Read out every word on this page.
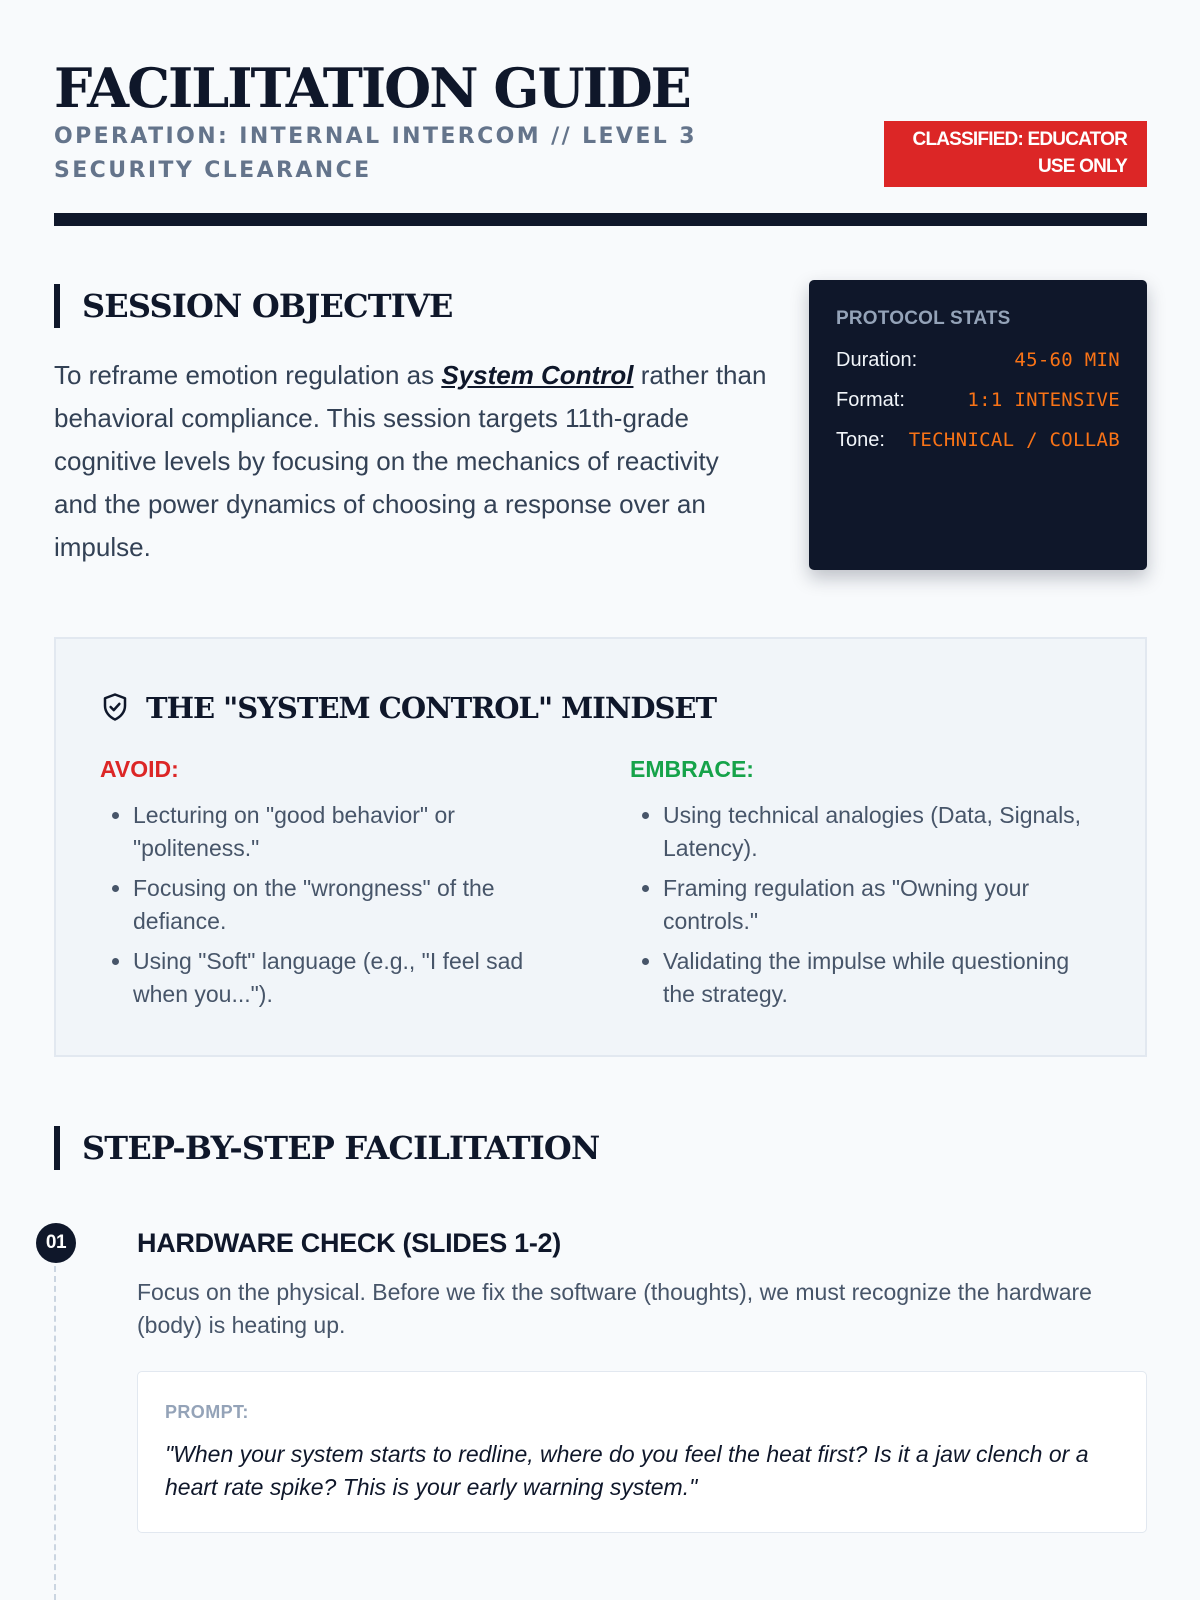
FACILITATION GUIDE
OPERATION: INTERNAL INTERCOM // LEVEL 3 SECURITY CLEARANCE
CLASSIFIED: EDUCATOR USE ONLY
SESSION OBJECTIVE

To reframe emotion regulation as System Control rather than behavioral compliance. This session targets 11th-grade cognitive levels by focusing on the mechanics of reactivity and the power dynamics of choosing a response over an impulse.

PROTOCOL STATS
Duration:	45-60 MIN
Format:	1:1 INTENSIVE
Tone: TECHNICAL / COLLAB
THE "SYSTEM CONTROL" MINDSET
AVOID:
• Lecturing on "good behavior" or "politeness."
• Focusing on the "wrongness" of the defiance.
• Using "Soft" language (e.g., "I feel sad when you...").
EMBRACE:
• Using technical analogies (Data, Signals, Latency).
• Framing regulation as "Owning your controls."
• Validating the impulse while questioning the strategy.
STEP-BY-STEP FACILITATION
01	HARDWARE CHECK (SLIDES 1-2)

Focus on the physical. Before we fix the software (thoughts), we must recognize the hardware (body) is heating up.

PROMPT:

"When your system starts to redline, where do you feel the heat first? Is it a jaw clench or a heart rate spike? This is your early warning system."
